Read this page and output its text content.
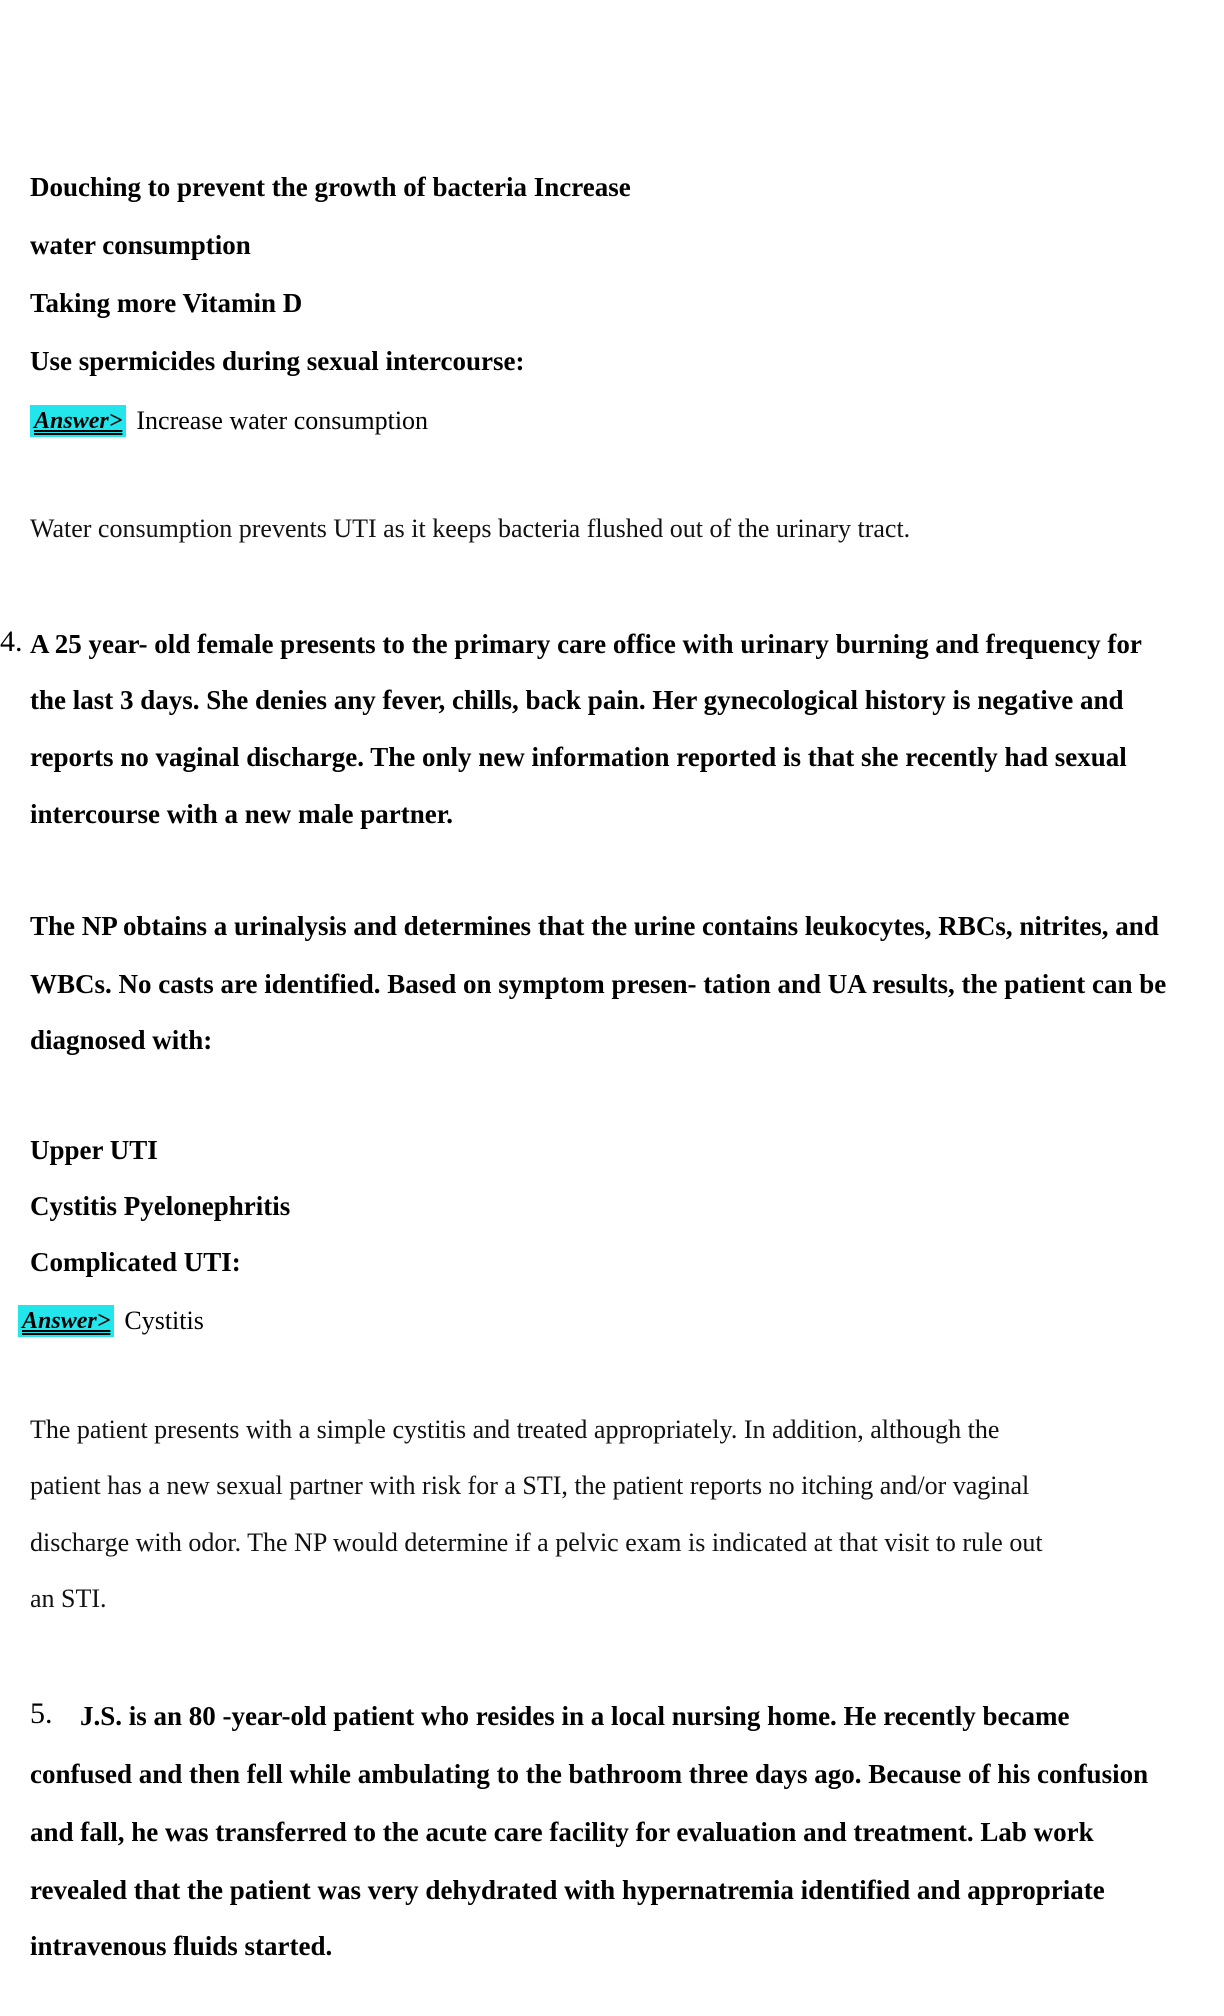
Douching to prevent the growth of bacteria Increase
water consumption
Taking more Vitamin D
Use spermicides during sexual intercourse:
Answer> Increase water consumption
Water consumption prevents UTI as it keeps bacteria flushed out of the urinary tract.
4. A 25 year- old female presents to the primary care office with urinary burning and frequency for
the last 3 days. She denies any fever, chills, back pain. Her gynecological history is negative and
reports no vaginal discharge. The only new information reported is that she recently had sexual
intercourse with a new male partner.
The NP obtains a urinalysis and determines that the urine contains leukocytes, RBCs, nitrites, and
WBCs. No casts are identified. Based on symptom presen- tation and UA results, the patient can be
diagnosed with:
Upper UTI
Cystitis Pyelonephritis
Complicated UTI:
Answer> Cystitis
The patient presents with a simple cystitis and treated appropriately. In addition, although the
patient has a new sexual partner with risk for a STI, the patient reports no itching and/or vaginal
discharge with odor. The NP would determine if a pelvic exam is indicated at that visit to rule out
an STI.
5. J.S. is an 80 -year-old patient who resides in a local nursing home. He recently became
confused and then fell while ambulating to the bathroom three days ago. Because of his confusion
and fall, he was transferred to the acute care facility for evaluation and treatment. Lab work
revealed that the patient was very dehydrated with hypernatremia identified and appropriate
intravenous fluids started.
